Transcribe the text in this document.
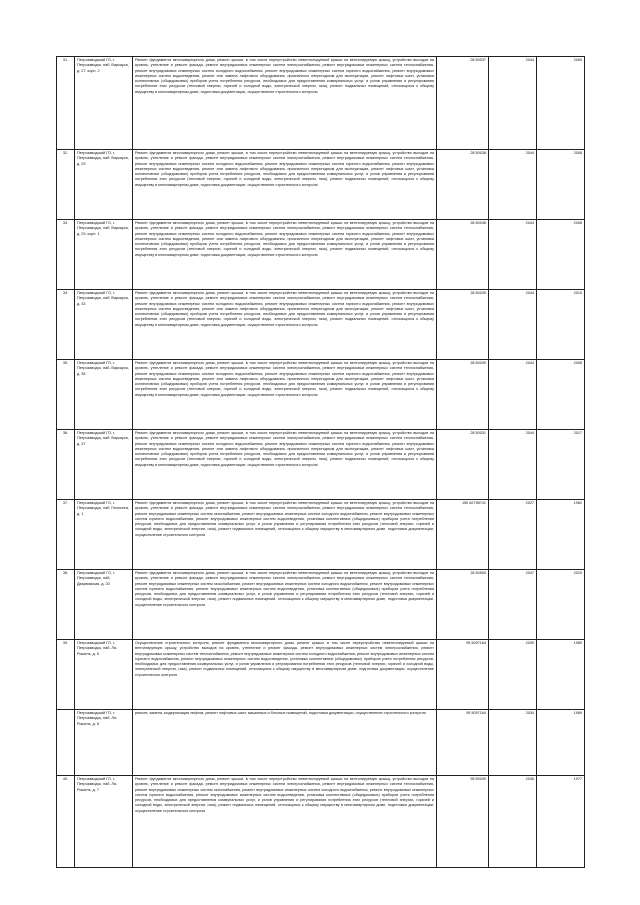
31.	Петрозаводский ГО, г. Петрозаводск, наб. Варкауса, д. 27, корп. 2	Ремонт фундамента многоквартирного дома, ремонт крыши, в том числе переустройство невентилируемой крыши на вентилируемую крышу, устройство выходов на кровлю, утепление и ремонт фасада, ремонт внутридомовых инженерных систем электроснабжения, ремонт внутридомовых инженерных систем теплоснабжения, ремонт внутридомовых инженерных систем холодного водоснабжения, ремонт внутридомовых инженерных систем горячего водоснабжения, ремонт внутридомовых инженерных систем водоотведения, ремонт или замена лифтового оборудования, признанного непригодным для эксплуатации, ремонт лифтовых шахт, установка коллективных (общедомовых) приборов учета потребления ресурсов, необходимых для предоставления коммунальных услуг, и узлов управления и регулирования потребления этих ресурсов (тепловой энергии, горячей и холодной воды, электрической энергии, газа), ремонт подвальных помещений, относящихся к общему имуществу в многоквартирном доме, подготовка документации, осуществление строительного контроля	28 50037	2044	2009
32.	Петрозаводский ГО, г. Петрозаводск, наб. Варкауса, д. 29	Ремонт фундамента многоквартирного дома, ремонт крыши, в том числе переустройство невентилируемой крыши на вентилируемую крышу, устройство выходов на кровлю, утепление и ремонт фасада, ремонт внутридомовых инженерных систем электроснабжения, ремонт внутридомовых инженерных систем теплоснабжения, ремонт внутридомовых инженерных систем холодного водоснабжения, ремонт внутридомовых инженерных систем горячего водоснабжения, ремонт внутридомовых инженерных систем водоотведения, ремонт или замена лифтового оборудования, признанного непригодным для эксплуатации, ремонт лифтовых шахт, установка коллективных (общедомовых) приборов учета потребления ресурсов, необходимых для предоставления коммунальных услуг, и узлов управления и регулирования потребления этих ресурсов (тепловой энергии, горячей и холодной воды, электрической энергии, газа), ремонт подвальных помещений, относящихся к общему имуществу в многоквартирном доме, подготовка документации, осуществление строительного контроля	28 50038	2044	2008
33.	Петрозаводский ГО, г. Петрозаводск, наб. Варкауса, д. 29, корп. 1	Ремонт фундамента многоквартирного дома, ремонт крыши, в том числе переустройство невентилируемой крыши на вентилируемую крышу, устройство выходов на кровлю, утепление и ремонт фасада, ремонт внутридомовых инженерных систем электроснабжения, ремонт внутридомовых инженерных систем теплоснабжения, ремонт внутридомовых инженерных систем холодного водоснабжения, ремонт внутридомовых инженерных систем горячего водоснабжения, ремонт внутридомовых инженерных систем водоотведения, ремонт или замена лифтового оборудования, признанного непригодным для эксплуатации, ремонт лифтовых шахт, установка коллективных (общедомовых) приборов учета потребления ресурсов, необходимых для предоставления коммунальных услуг, и узлов управления и регулирования потребления этих ресурсов (тепловой энергии, горячей и холодной воды, электрической энергии, газа), ремонт подвальных помещений, относящихся к общему имуществу в многоквартирном доме, подготовка документации, осуществление строительного контроля	28 50038	2044	2008
34.	Петрозаводский ГО, г. Петрозаводск, наб. Варкауса, д. 33	Ремонт фундамента многоквартирного дома, ремонт крыши, в том числе переустройство невентилируемой крыши на вентилируемую крышу, устройство выходов на кровлю, утепление и ремонт фасада, ремонт внутридомовых инженерных систем электроснабжения, ремонт внутридомовых инженерных систем теплоснабжения, ремонт внутридомовых инженерных систем холодного водоснабжения, ремонт внутридомовых инженерных систем горячего водоснабжения, ремонт внутридомовых инженерных систем водоотведения, ремонт или замена лифтового оборудования, признанного непригодным для эксплуатации, ремонт лифтовых шахт, установка коллективных (общедомовых) приборов учета потребления ресурсов, необходимых для предоставления коммунальных услуг, и узлов управления и регулирования потребления этих ресурсов (тепловой энергии, горячей и холодной воды, электрической энергии, газа), ремонт подвальных помещений, относящихся к общему имуществу в многоквартирном доме, подготовка документации, осуществление строительного контроля	28 50039	2044	2010
35.	Петрозаводский ГО, г. Петрозаводск, наб. Варкауса, д. 35	Ремонт фундамента многоквартирного дома, ремонт крыши, в том числе переустройство невентилируемой крыши на вентилируемую крышу, устройство выходов на кровлю, утепление и ремонт фасада, ремонт внутридомовых инженерных систем электроснабжения, ремонт внутридомовых инженерных систем теплоснабжения, ремонт внутридомовых инженерных систем холодного водоснабжения, ремонт внутридомовых инженерных систем горячего водоснабжения, ремонт внутридомовых инженерных систем водоотведения, ремонт или замена лифтового оборудования, признанного непригодным для эксплуатации, ремонт лифтовых шахт, установка коллективных (общедомовых) приборов учета потребления ресурсов, необходимых для предоставления коммунальных услуг, и узлов управления и регулирования потребления этих ресурсов (тепловой энергии, горячей и холодной воды, электрической энергии, газа), ремонт подвальных помещений, относящихся к общему имуществу в многоквартирном доме, подготовка документации, осуществление строительного контроля	28 50039	2044	2008
36.	Петрозаводский ГО, г. Петрозаводск, наб. Варкауса, д. 37	Ремонт фундамента многоквартирного дома, ремонт крыши, в том числе переустройство невентилируемой крыши на вентилируемую крышу, устройство выходов на кровлю, утепление и ремонт фасада, ремонт внутридомовых инженерных систем электроснабжения, ремонт внутридомовых инженерных систем теплоснабжения, ремонт внутридомовых инженерных систем холодного водоснабжения, ремонт внутридомовых инженерных систем горячего водоснабжения, ремонт внутридомовых инженерных систем водоотведения, ремонт или замена лифтового оборудования, признанного непригодным для эксплуатации, ремонт лифтовых шахт, установка коллективных (общедомовых) приборов учета потребления ресурсов, необходимых для предоставления коммунальных услуг, и узлов управления и регулирования потребления этих ресурсов (тепловой энергии, горячей и холодной воды, электрической энергии, газа), ремонт подвальных помещений, относящихся к общему имуществу в многоквартирном доме, подготовка документации, осуществление строительного контроля	28 50031	2044	2017
37.	Петрозаводский ГО, г. Петрозаводск, наб. Гюллинга, д. 1	Ремонт фундамента многоквартирного дома, ремонт крыши, в том числе переустройство невентилируемой крыши на вентилируемую крышу, устройство выходов на кровлю, утепление и ремонт фасада, ремонт внутридомовых инженерных систем электроснабжения, ремонт внутридомовых инженерных систем теплоснабжения, ремонт внутридомовых инженерных систем газоснабжения, ремонт внутридомовых инженерных систем холодного водоснабжения, ремонт внутридомовых инженерных систем горячего водоснабжения, ремонт внутридомовых инженерных систем водоотведения, установка коллективных (общедомовых) приборов учета потребления ресурсов, необходимых для предоставления коммунальных услуг, и узлов управления и регулирования потребления этих ресурсов (тепловой энергии, горячей и холодной воды, электрической энергии, газа), ремонт подвальных помещений, относящихся к общему имуществу в многоквартирном доме, подготовка документации, осуществление строительного контроля	150 82798741	2027	1982
38.	Петрозаводский ГО, г. Петрозаводск, наб. Дварвикская, д. 20	Ремонт фундамента многоквартирного дома, ремонт крыши, в том числе переустройство невентилируемой крыши на вентилируемую крышу, устройство выходов на кровлю, утепление и ремонт фасада, ремонт внутридомовых инженерных систем электроснабжения, ремонт внутридомовых инженерных систем теплоснабжения, ремонт внутридомовых инженерных систем газоснабжения, ремонт внутридомовых инженерных систем холодного водоснабжения, ремонт внутридомовых инженерных систем горячего водоснабжения, ремонт внутридомовых инженерных систем водоотведения, установка коллективных (общедомовых) приборов учета потребления ресурсов, необходимых для предоставления коммунальных услуг, и узлов управления и регулирования потребления этих ресурсов (тепловой энергии, горячей и холодной воды, электрической энергии, газа), ремонт подвальных помещений, относящихся к общему имуществу в многоквартирном доме, подготовка документации, осуществление строительного контроля	28 50500	2047	2020
39.	Петрозаводский ГО, г. Петрозаводск, наб. Ля-Рошель, д. 5	Осуществление строительного контроля, ремонт фундамента многоквартирного дома, ремонт крыши, в том числе переустройство невентилируемой крыши на вентилируемую крышу, устройство выходов на кровлю, утепление и ремонт фасада, ремонт внутридомовых инженерных систем электроснабжения, ремонт внутридомовых инженерных систем теплоснабжения, ремонт внутридомовых инженерных систем холодного водоснабжения, ремонт внутридомовых инженерных систем горячего водоснабжения, ремонт внутридомовых инженерных систем водоотведения, установка коллективных (общедомовых) приборов учета потребления ресурсов, необходимых для предоставления коммунальных услуг, и узлов управления и регулирования потребления этих ресурсов (тепловой энергии, горячей и холодной воды, электрической энергии, газа), ремонт подвальных помещений, относящихся к общему имуществу в многоквартирном доме, подготовка документации, осуществление строительного контроля	95 5097164	2039	1989
	Петрозаводский ГО, г. Петрозаводск, наб. Ля-Рошель, д. 5	ремонт, замена, модернизация лифтов, ремонт лифтовых шахт, машинных и блочных помещений, подготовка документации, осуществление строительного контроля	95 5097164	2034	1989
40.	Петрозаводский ГО, г. Петрозаводск, наб. Ля-Рошель, д. 7	Ремонт фундамента многоквартирного дома, ремонт крыши, в том числе переустройство невентилируемой крыши на вентилируемую крышу, устройство выходов на кровлю, утепление и ремонт фасада, ремонт внутридомовых инженерных систем электроснабжения, ремонт внутридомовых инженерных систем теплоснабжения, ремонт внутридомовых инженерных систем газоснабжения, ремонт внутридомовых инженерных систем холодного водоснабжения, ремонт внутридомовых инженерных систем горячего водоснабжения, ремонт внутридомовых инженерных систем водоотведения, установка коллективных (общедомовых) приборов учета потребления ресурсов, необходимых для предоставления коммунальных услуг, и узлов управления и регулирования потребления этих ресурсов (тепловой энергии, горячей и холодной воды, электрической энергии, газа), ремонт подвальных помещений, относящихся к общему имуществу в многоквартирном доме, подготовка документации, осуществление строительного контроля	95 50039	2036	1977
